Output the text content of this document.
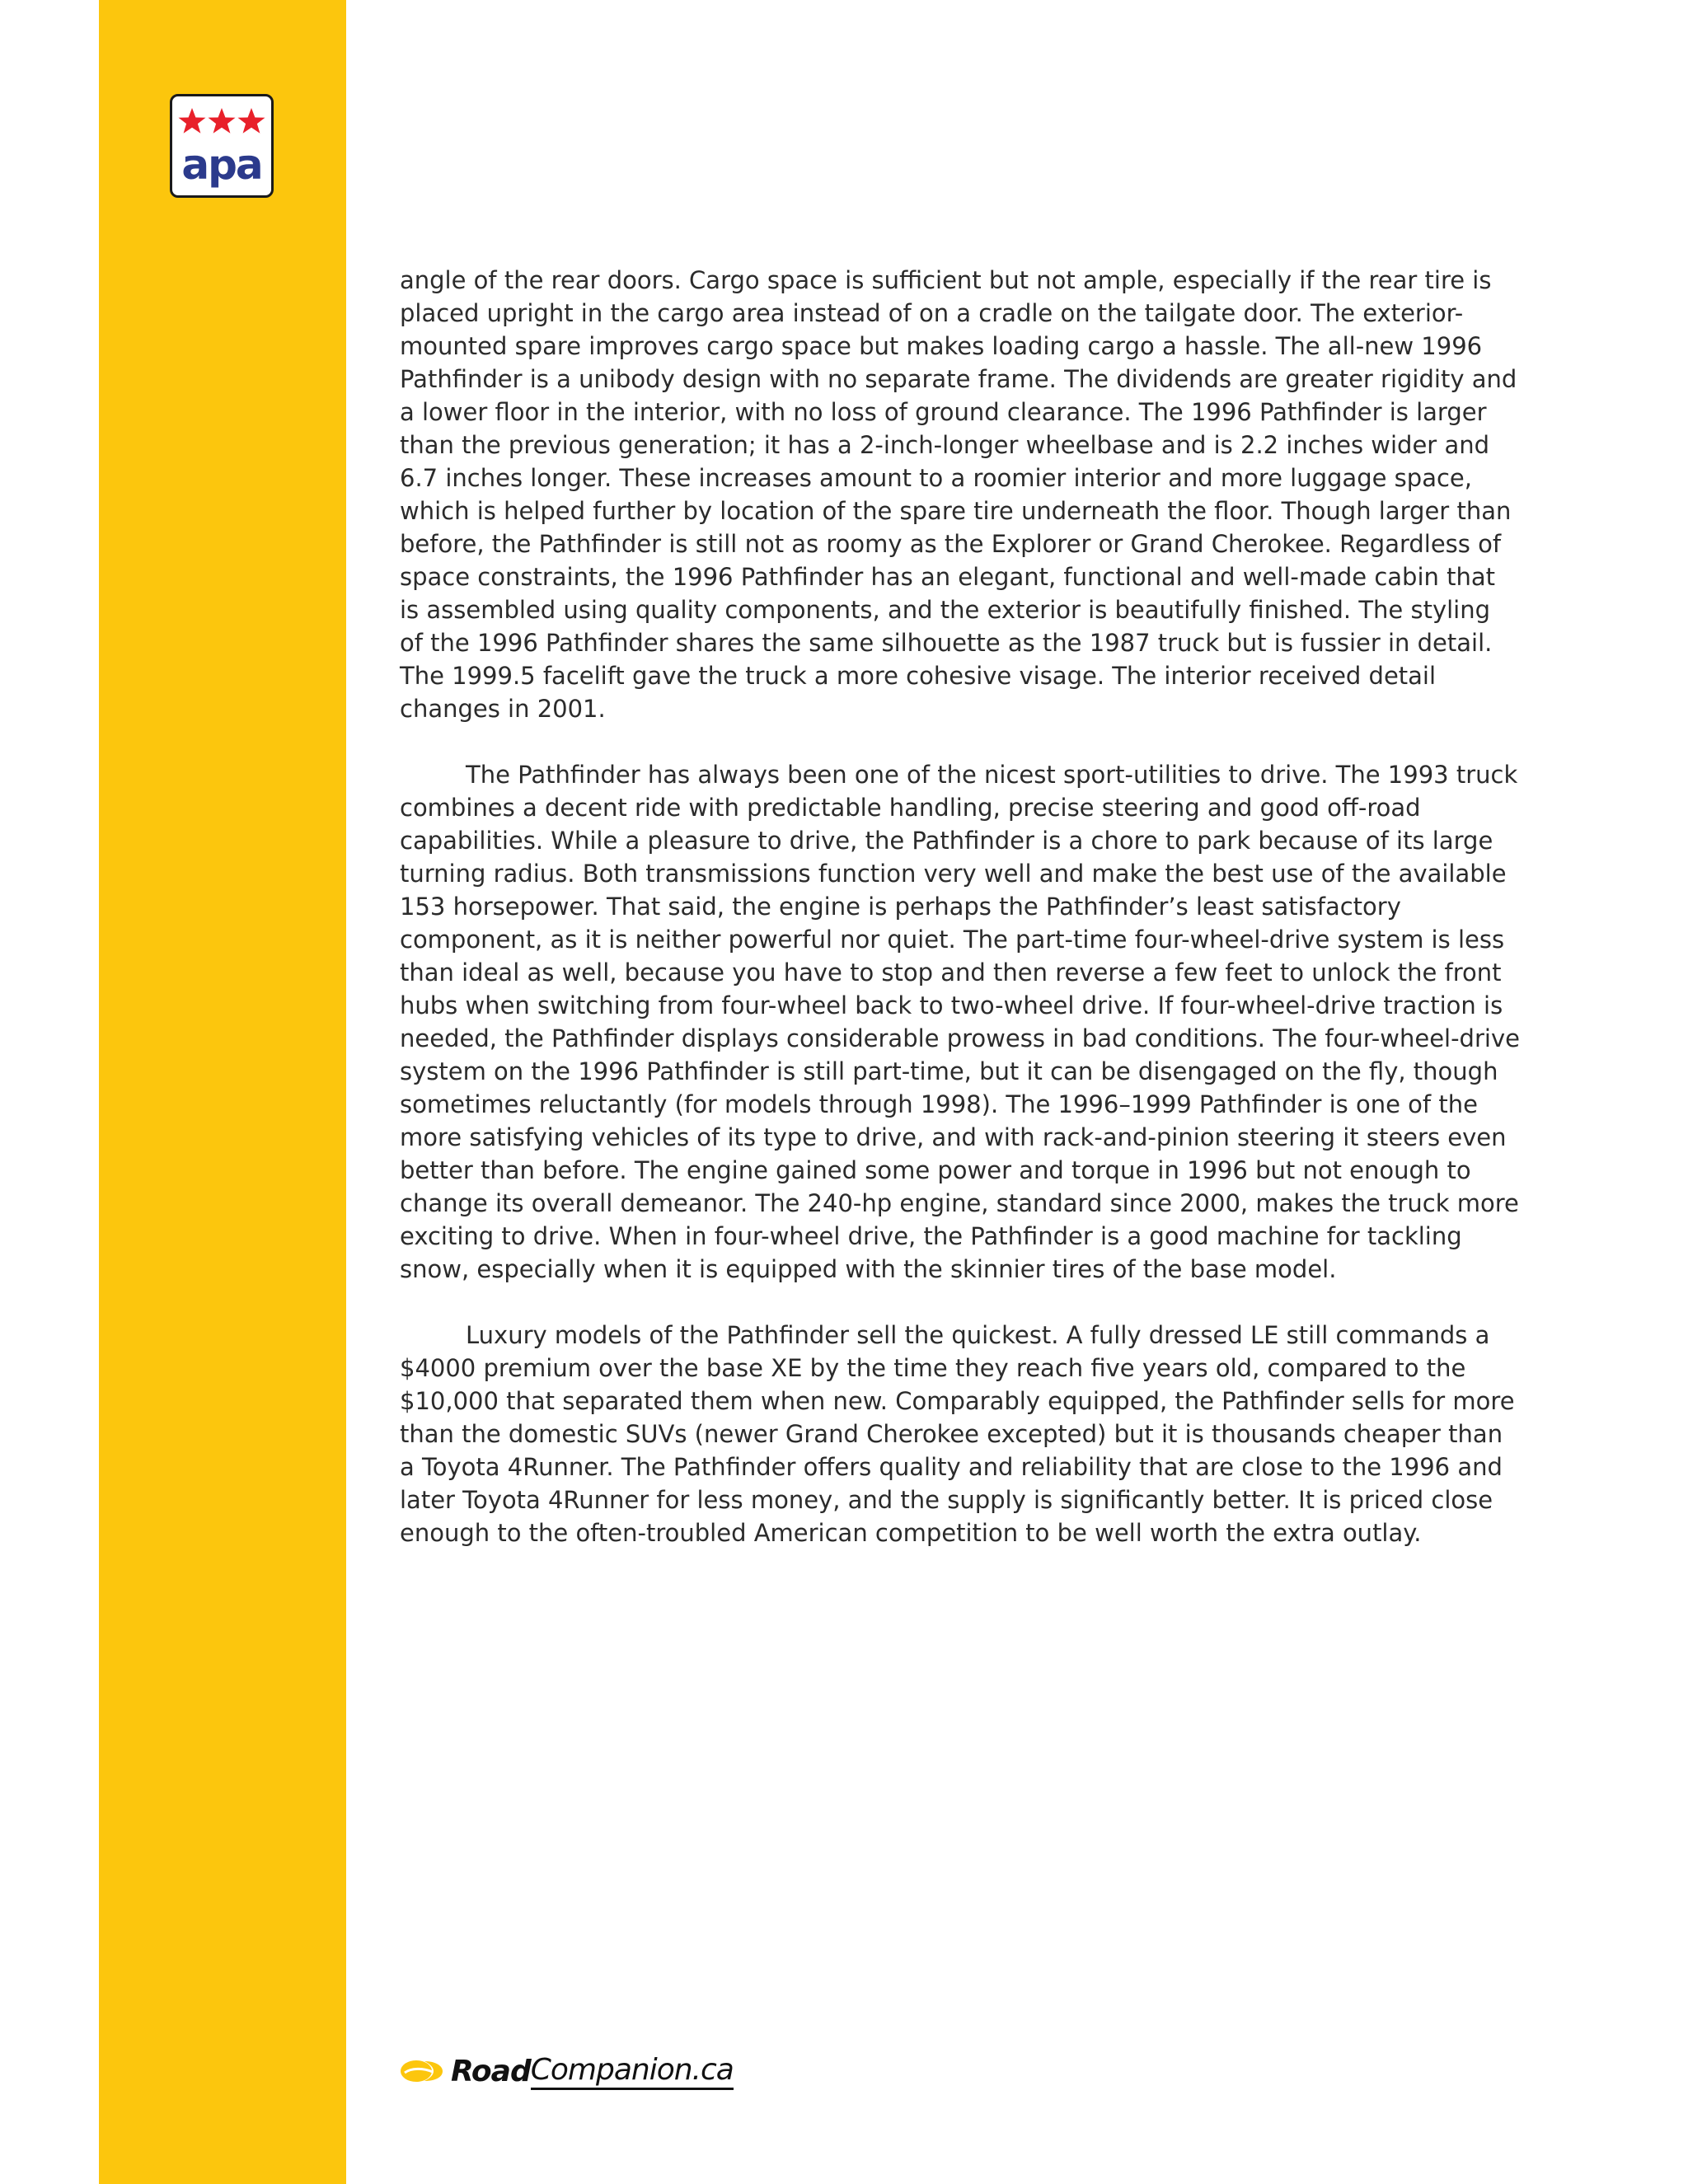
apa

angle of the rear doors. Cargo space is sufficient but not ample, especially if the rear tire is placed upright in the cargo area instead of on a cradle on the tailgate door. The exterior-mounted spare improves cargo space but makes loading cargo a hassle. The all-new 1996 Pathfinder is a unibody design with no separate frame. The dividends are greater rigidity and a lower floor in the interior, with no loss of ground clearance. The 1996 Pathfinder is larger than the previous generation; it has a 2-inch-longer wheelbase and is 2.2 inches wider and 6.7 inches longer. These increases amount to a roomier interior and more luggage space, which is helped further by location of the spare tire underneath the floor. Though larger than before, the Pathfinder is still not as roomy as the Explorer or Grand Cherokee. Regardless of space constraints, the 1996 Pathfinder has an elegant, functional and well-made cabin that is assembled using quality components, and the exterior is beautifully finished. The styling of the 1996 Pathfinder shares the same silhouette as the 1987 truck but is fussier in detail. The 1999.5 facelift gave the truck a more cohesive visage. The interior received detail changes in 2001.

The Pathfinder has always been one of the nicest sport-utilities to drive. The 1993 truck combines a decent ride with predictable handling, precise steering and good off-road capabilities. While a pleasure to drive, the Pathfinder is a chore to park because of its large turning radius. Both transmissions function very well and make the best use of the available 153 horsepower. That said, the engine is perhaps the Pathfinder’s least satisfactory component, as it is neither powerful nor quiet. The part-time four-wheel-drive system is less than ideal as well, because you have to stop and then reverse a few feet to unlock the front hubs when switching from four-wheel back to two-wheel drive. If four-wheel-drive traction is needed, the Pathfinder displays considerable prowess in bad conditions. The four-wheel-drive system on the 1996 Pathfinder is still part-time, but it can be disengaged on the fly, though sometimes reluctantly (for models through 1998). The 1996–1999 Pathfinder is one of the more satisfying vehicles of its type to drive, and with rack-and-pinion steering it steers even better than before. The engine gained some power and torque in 1996 but not enough to change its overall demeanor. The 240-hp engine, standard since 2000, makes the truck more exciting to drive. When in four-wheel drive, the Pathfinder is a good machine for tackling snow, especially when it is equipped with the skinnier tires of the base model.

Luxury models of the Pathfinder sell the quickest. A fully dressed LE still commands a $4000 premium over the base XE by the time they reach five years old, compared to the $10,000 that separated them when new. Comparably equipped, the Pathfinder sells for more than the domestic SUVs (newer Grand Cherokee excepted) but it is thousands cheaper than a Toyota 4Runner. The Pathfinder offers quality and reliability that are close to the 1996 and later Toyota 4Runner for less money, and the supply is significantly better. It is priced close enough to the often-troubled American competition to be well worth the extra outlay.

Road Companion.ca
